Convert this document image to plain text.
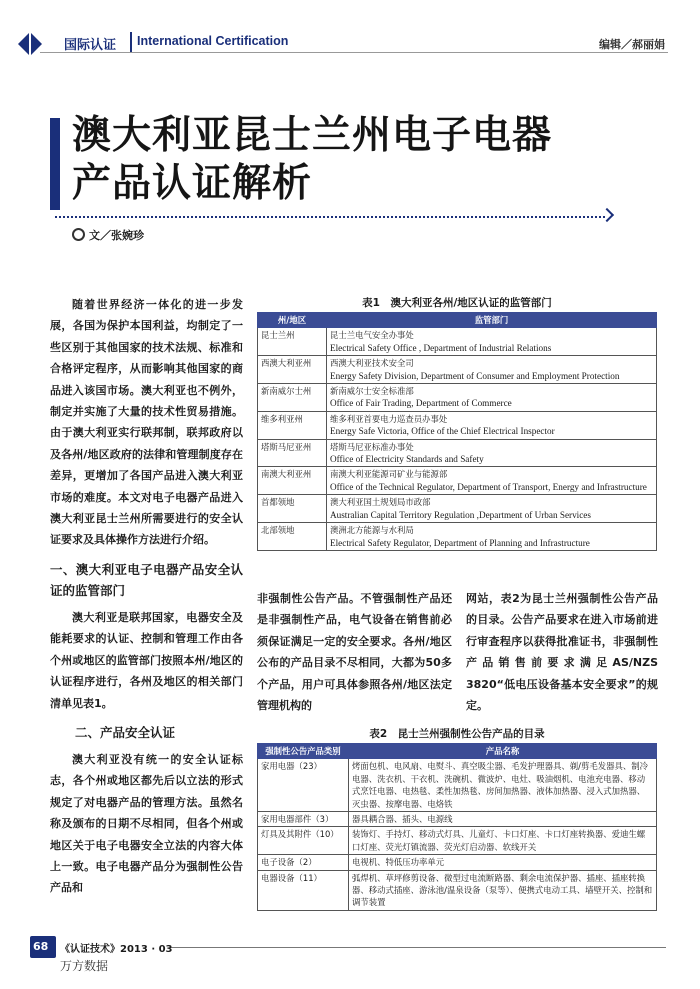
国际认证 International Certification	编辑／郝丽娟
澳大利亚昆士兰州电子电器
产品认证解析
文／张婉珍

随着世界经济一体化的进一步发展，各国为保护本国利益，均制定了一些区别于其他国家的技术法规、标准和合格评定程序，从而影响其他国家的商品进入该国市场。澳大利亚也不例外，制定并实施了大量的技术性贸易措施。由于澳大利亚实行联邦制，联邦政府以及各州/地区政府的法律和管理制度存在差异，更增加了各国产品进入澳大利亚市场的难度。本文对电子电器产品进入澳大利亚昆士兰州所需要进行的安全认证要求及具体操作方法进行介绍。

一、澳大利亚电子电器产品安全认证的监管部门

澳大利亚是联邦国家，电器安全及能耗要求的认证、控制和管理工作由各个州或地区的监管部门按照本州/地区的认证程序进行，各州及地区的相关部门清单见表1。

二、产品安全认证

澳大利亚没有统一的安全认证标志，各个州或地区都先后以立法的形式规定了对电器产品的管理方法。虽然名称及颁布的日期不尽相同，但各个州或地区关于电子电器安全立法的内容大体上一致。电子电器产品分为强制性公告产品和

表1　澳大利亚各州/地区认证的监管部门
州/地区	监管部门
昆士兰州	昆士兰电气安全办事处
Electrical Safety Office , Department of Industrial Relations

西澳大利亚州	西澳大利亚技术安全司
Energy Safety Division, Department of Consumer and Employment Protection

新南威尔士州	新南威尔士安全标准部
Office of Fair Trading, Department of Commerce

维多利亚州	维多利亚首要电力巡查员办事处
Energy Safe Victoria, Office of the Chief Electrical Inspector

塔斯马尼亚州	塔斯马尼亚标准办事处
Office of Electricity Standards and Safety

南澳大利亚州	南澳大利亚能源司矿业与能源部
Office of the Technical Regulator, Department of Transport, Energy and Infrastructure

首都领地	澳大利亚国土规划局市政部
Australian Capital Territory Regulation ,Department of Urban Services

北部领地	澳洲北方能源与水利局
Electrical Safety Regulator, Department of Planning and Infrastructure

非强制性公告产品。不管强制性产品还是非强制性产品，电气设备在销售前必须保证满足一定的安全要求。各州/地区公布的产品目录不尽相同，大都为50多个产品，用户可具体参照各州/地区法定管理机构的

网站，表2为昆士兰州强制性公告产品的目录。公告产品要求在进入市场前进行审查程序以获得批准证书，非强制性产品销售前要求满足AS/NZS 3820“低电压设备基本安全要求”的规定。

表2　昆士兰州强制性公告产品的目录
强制性公告产品类别	产品名称
家用电器（23）	烤面包机、电风扇、电熨斗、真空吸尘器、毛发护理器具、剃/剪毛发器具、制冷电器、洗衣机、干衣机、洗碗机、微波炉、电灶、吸油烟机、电池充电器、移动式烹饪电器、电热毯、柔性加热毯、房间加热器、液体加热器、浸入式加热器、灭虫器、按摩电器、电烙铁
家用电器部件（3）	器具耦合器、插头、电源线
灯具及其附件（10）	装饰灯、手持灯、移动式灯具、儿童灯、卡口灯座、卡口灯座转换器、爱迪生螺口灯座、荧光灯镇流器、荧光灯启动器、软线开关
电子设备（2）	电视机、特低压功率单元
电器设备（11）	弧焊机、草坪修剪设备、微型过电流断路器、剩余电流保护器、插座、插座转换器、移动式插座、游泳池/温泉设备（泵等）、便携式电动工具、墙壁开关、控制和调节装置
68 《认证技术》2013 · 03
万方数据
